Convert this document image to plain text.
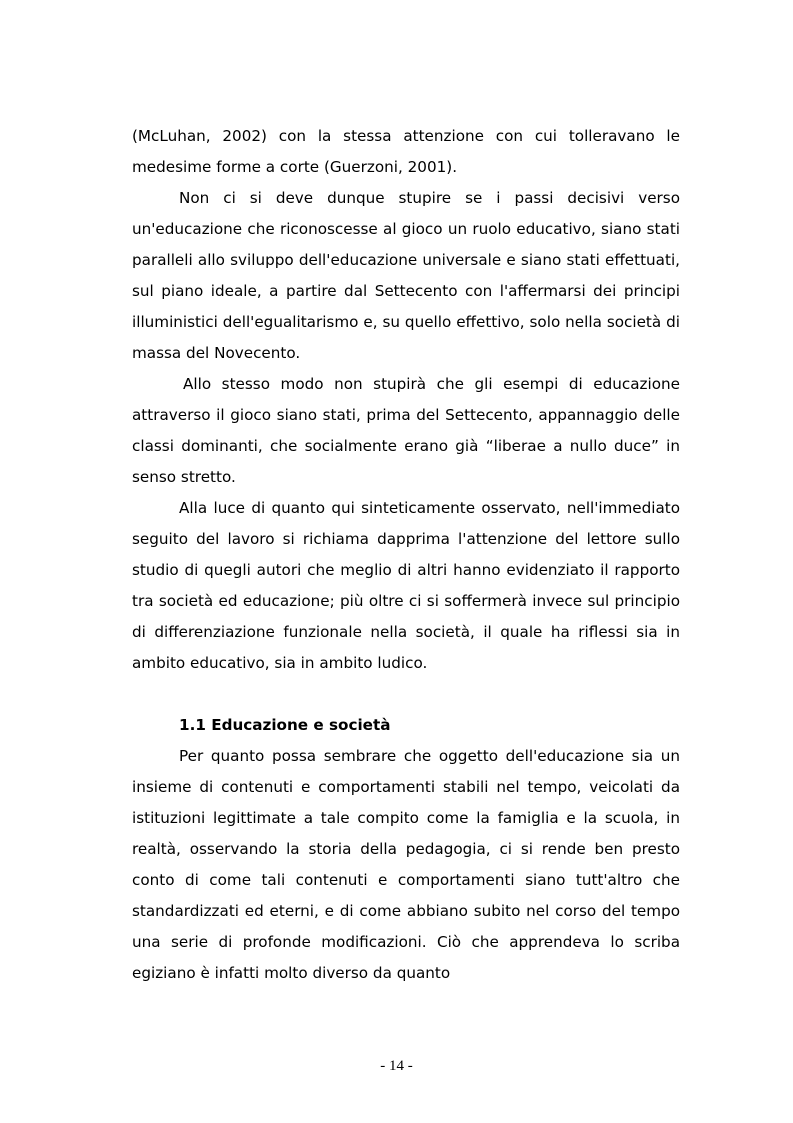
(McLuhan, 2002) con la stessa attenzione con cui tolleravano le medesime forme a corte (Guerzoni, 2001).

Non ci si deve dunque stupire se i passi decisivi verso un'educazione che riconoscesse al gioco un ruolo educativo, siano stati paralleli allo sviluppo dell'educazione universale e siano stati effettuati, sul piano ideale, a partire dal Settecento con l'affermarsi dei principi illuministici dell'egualitarismo e, su quello effettivo, solo nella società di massa del Novecento.

Allo stesso modo non stupirà che gli esempi di educazione attraverso il gioco siano stati, prima del Settecento, appannaggio delle classi dominanti, che socialmente erano già “liberae a nullo duce” in senso stretto.

Alla luce di quanto qui sinteticamente osservato, nell'immediato seguito del lavoro si richiama dapprima l'attenzione del lettore sullo studio di quegli autori che meglio di altri hanno evidenziato il rapporto tra società ed educazione; più oltre ci si soffermerà invece sul principio di differenziazione funzionale nella società, il quale ha riflessi sia in ambito educativo, sia in ambito ludico.

1.1 Educazione e società

Per quanto possa sembrare che oggetto dell'educazione sia un insieme di contenuti e comportamenti stabili nel tempo, veicolati da istituzioni legittimate a tale compito come la famiglia e la scuola, in realtà, osservando la storia della pedagogia, ci si rende ben presto conto di come tali contenuti e comportamenti siano tutt'altro che standardizzati ed eterni, e di come abbiano subito nel corso del tempo una serie di profonde modificazioni. Ciò che apprendeva lo scriba egiziano è infatti molto diverso da quanto

- 14 -
